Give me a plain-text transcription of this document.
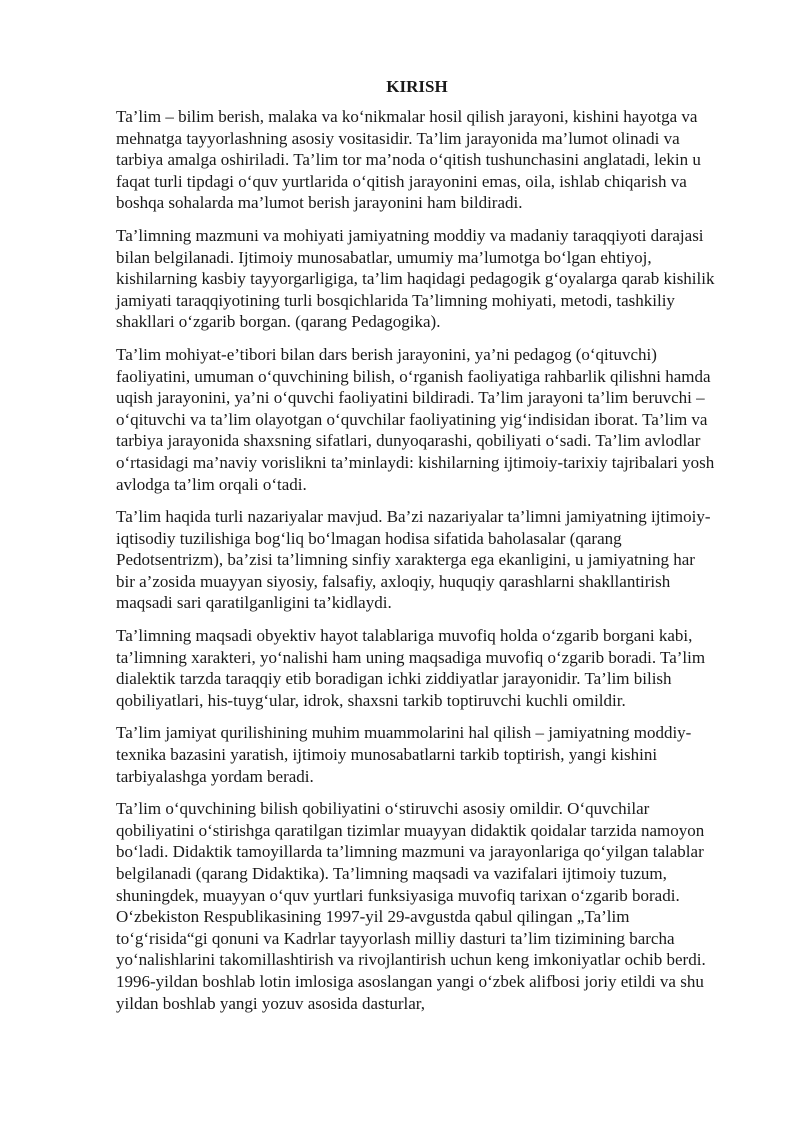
KIRISH

Ta’lim – bilim berish, malaka va ko‘nikmalar hosil qilish jarayoni, kishini hayotga va mehnatga tayyorlashning asosiy vositasidir. Ta’lim jarayonida ma’lumot olinadi va tarbiya amalga oshiriladi. Ta’lim tor ma’noda o‘qitish tushunchasini anglatadi, lekin u faqat turli tipdagi o‘quv yurtlarida o‘qitish jarayonini emas, oila, ishlab chiqarish va boshqa sohalarda ma’lumot berish jarayonini ham bildiradi.

Ta’limning mazmuni va mohiyati jamiyatning moddiy va madaniy taraqqiyoti darajasi bilan belgilanadi. Ijtimoiy munosabatlar, umumiy ma’lumotga bo‘lgan ehtiyoj, kishilarning kasbiy tayyorgarligiga, ta’lim haqidagi pedagogik g‘oyalarga qarab kishilik jamiyati taraqqiyotining turli bosqichlarida Ta’limning mohiyati, metodi, tashkiliy shakllari o‘zgarib borgan. (qarang Pedagogika).

Ta’lim mohiyat-e’tibori bilan dars berish jarayonini, ya’ni pedagog (o‘qituvchi) faoliyatini, umuman o‘quvchining bilish, o‘rganish faoliyatiga rahbarlik qilishni hamda uqish jarayonini, ya’ni o‘quvchi faoliyatini bildiradi. Ta’lim jarayoni ta’lim beruvchi – o‘qituvchi va ta’lim olayotgan o‘quvchilar faoliyatining yig‘indisidan iborat. Ta’lim va tarbiya jarayonida shaxsning sifatlari, dunyoqarashi, qobiliyati o‘sadi. Ta’lim avlodlar o‘rtasidagi ma’naviy vorislikni ta’minlaydi: kishilarning ijtimoiy-tarixiy tajribalari yosh avlodga ta’lim orqali o‘tadi.

Ta’lim haqida turli nazariyalar mavjud. Ba’zi nazariyalar ta’limni jamiyatning ijtimoiy-iqtisodiy tuzilishiga bog‘liq bo‘lmagan hodisa sifatida baholasalar (qarang Pedotsentrizm), ba’zisi ta’limning sinfiy xarakterga ega ekanligini, u jamiyatning har bir a’zosida muayyan siyosiy, falsafiy, axloqiy, huquqiy qarashlarni shakllantirish maqsadi sari qaratilganligini ta’kidlaydi.

Ta’limning maqsadi obyektiv hayot talablariga muvofiq holda o‘zgarib borgani kabi, ta’limning xarakteri, yo‘nalishi ham uning maqsadiga muvofiq o‘zgarib boradi. Ta’lim dialektik tarzda taraqqiy etib boradigan ichki ziddiyatlar jarayonidir. Ta’lim bilish qobiliyatlari, his-tuyg‘ular, idrok, shaxsni tarkib toptiruvchi kuchli omildir.

Ta’lim jamiyat qurilishining muhim muammolarini hal qilish – jamiyatning moddiy-texnika bazasini yaratish, ijtimoiy munosabatlarni tarkib toptirish, yangi kishini tarbiyalashga yordam beradi.

Ta’lim o‘quvchining bilish qobiliyatini o‘stiruvchi asosiy omildir. O‘quvchilar qobiliyatini o‘stirishga qaratilgan tizimlar muayyan didaktik qoidalar tarzida namoyon bo‘ladi. Didaktik tamoyillarda ta’limning mazmuni va jarayonlariga qo‘yilgan talablar belgilanadi (qarang Didaktika). Ta’limning maqsadi va vazifalari ijtimoiy tuzum, shuningdek, muayyan o‘quv yurtlari funksiyasiga muvofiq tarixan o‘zgarib boradi. O‘zbekiston Respublikasining 1997-yil 29-avgustda qabul qilingan „Ta’lim to‘g‘risida“gi qonuni va Kadrlar tayyorlash milliy dasturi ta’lim tizimining barcha yo‘nalishlarini takomillashtirish va rivojlantirish uchun keng imkoniyatlar ochib berdi. 1996-yildan boshlab lotin imlosiga asoslangan yangi o‘zbek alifbosi joriy etildi va shu yildan boshlab yangi yozuv asosida dasturlar,
